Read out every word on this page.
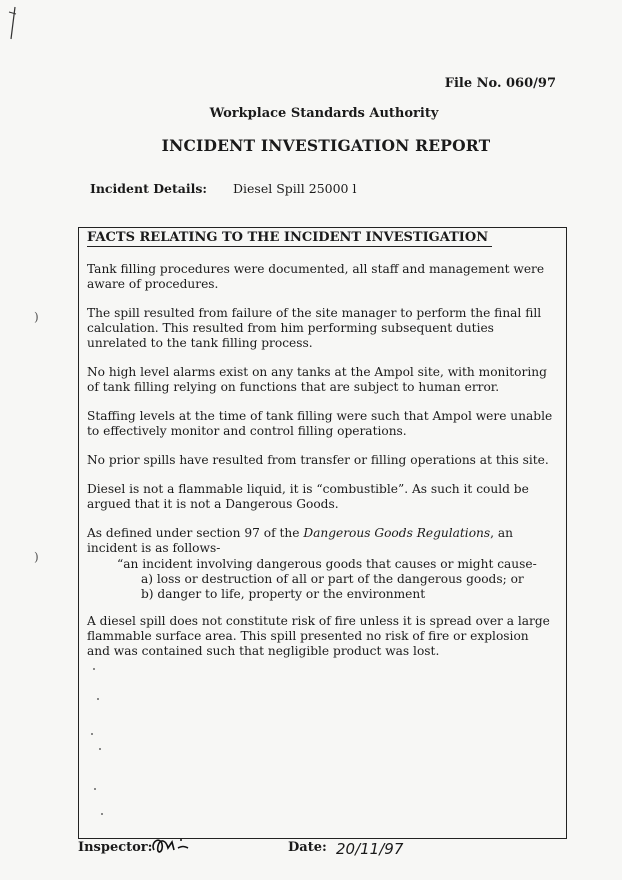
)
)
File No. 060/97
Workplace Standards Authority
INCIDENT INVESTIGATION REPORT
Incident Details: Diesel Spill 25000 l
FACTS RELATING TO THE INCIDENT INVESTIGATION

Tank filling procedures were documented, all staff and management were aware of procedures.

The spill resulted from failure of the site manager to perform the final fill calculation. This resulted from him performing subsequent duties unrelated to the tank filling process.

No high level alarms exist on any tanks at the Ampol site, with monitoring of tank filling relying on functions that are subject to human error.

Staffing levels at the time of tank filling were such that Ampol were unable to effectively monitor and control filling operations.

No prior spills have resulted from transfer or filling operations at this site.

Diesel is not a flammable liquid, it is “combustible”. As such it could be argued that it is not a Dangerous Goods.

As defined under section 97 of the Dangerous Goods Regulations, an incident is as follows-

“an incident involving dangerous goods that causes or might cause-
a) loss or destruction of all or part of the dangerous goods; or
b) danger to life, property or the environment

A diesel spill does not constitute risk of fire unless it is spread over a large flammable surface area. This spill presented no risk of fire or explosion and was contained such that negligible product was lost.

Inspector:	Date: 20/11/97
